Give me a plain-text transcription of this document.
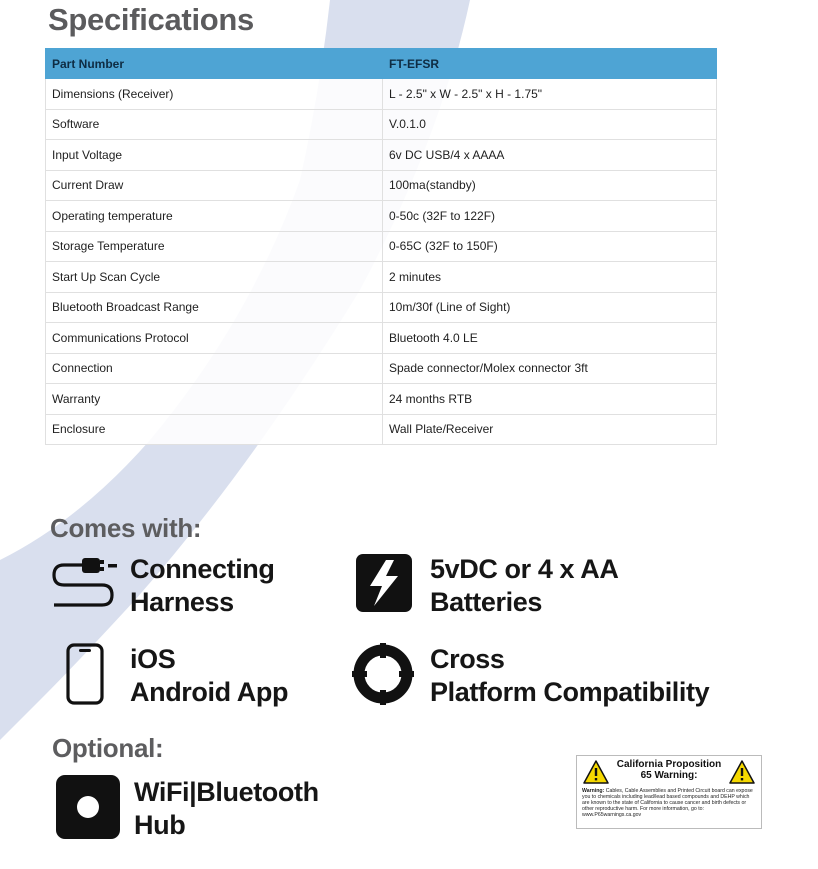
Specifications
Part Number	FT-EFSR
Dimensions (Receiver)	L - 2.5" x W - 2.5" x H - 1.75"
Software	V.0.1.0
Input Voltage	6v DC USB/4 x AAAA
Current Draw	100ma(standby)
Operating temperature	0-50c (32F to 122F)
Storage Temperature	0-65C (32F to 150F)
Start Up Scan Cycle	2 minutes
Bluetooth Broadcast Range	10m/30f (Line of Sight)
Communications Protocol	Bluetooth 4.0 LE
Connection	Spade connector/Molex connector 3ft
Warranty	24 months RTB
Enclosure	Wall Plate/Receiver
Comes with:
Connecting
Harness
5vDC or 4 x AA
Batteries
iOS
Android App
Cross
Platform Compatibility
Optional:
WiFi|Bluetooth
Hub
California Proposition
65 Warning:
Warning: Cables, Cable Assemblies and Printed Circuit board can expose you to chemicals including lead/lead based compounds and DEHP which are known to the state of California to cause cancer and birth defects or other reproductive harm. For more information, go to: www.P65warnings.ca.gov
